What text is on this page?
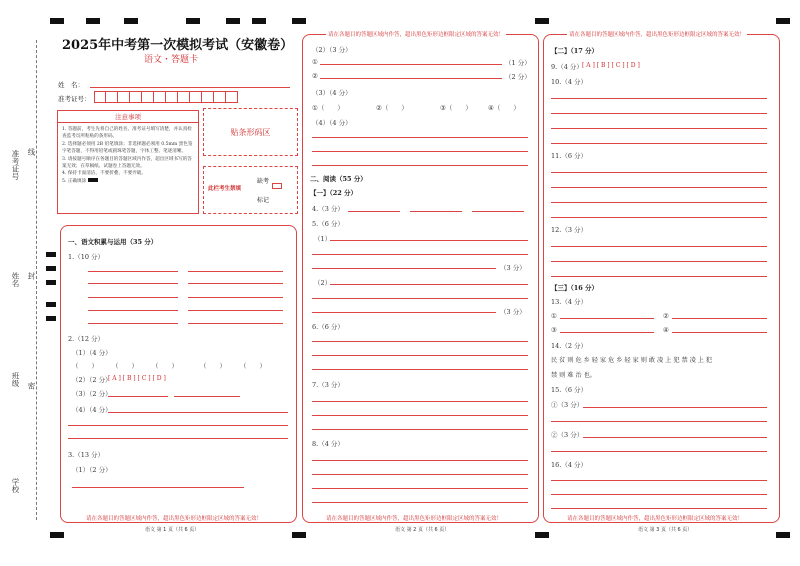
准考证号 线
姓名 封
班级 密
学校
2025年中考第一次模拟考试（安徽卷）
语文・答题卡
姓　名：
准考证号：
注意事项
1. 答题前，考生先将自己的姓名、准考证号填写清楚，并认真检查监考员所粘贴的条形码。
2. 选择题必须用 2B 铅笔填涂；非选择题必须用 0.5mm 黑色签字笔答题，不得用铅笔或圆珠笔答题，字体工整、笔迹清晰。
3. 请按题号顺序在各题目的答题区域内作答，超出区域书写的答案无效；在草稿纸、试题卷上答题无效。
4. 保持卡面清洁，不要折叠、不要弄破。
5. 正确填涂
贴条形码区
此栏考生禁填
缺考
标记
一、语文积累与运用（35 分）
1.（10 分）
2.（12 分）
（1）（4 分）
（　　） （　　） （　　）	（　　） （　　）
（2）（2 分）
[ A ] [ B ] [ C ] [ D ]
（3）（2 分）
（4）（4 分）
3.（13 分）
（1）（2 分）
请在各题目的答题区域内作答，超出黑色矩形边框限定区域的答案无效！
语文 第 1 页（共 6 页）
请在各题目的答题区域内作答，超出黑色矩形边框限定区域的答案无效！
（2）（3 分）
①	（1 分）
②	（2 分）
（3）（4 分）
①（　　）	②（　　）	③（　　） ④（　　）
（4）（4 分）
二、阅读（55 分）
【一】（22 分）
4.（3 分）
5.（6 分）
（1）
（3 分）
（2）
（3 分）
6.（6 分）
7.（3 分）
8.（4 分）
请在各题目的答题区域内作答，超出黑色矩形边框限定区域的答案无效！
语文 第 2 页（共 6 页）
请在各题目的答题区域内作答，超出黑色矩形边框限定区域的答案无效！
【二】（17 分）
9.（4 分） [ A ] [ B ] [ C ] [ D ]
10.（4 分）
11.（6 分）
12.（3 分）
【三】（16 分）
13.（4 分）
①	②
③	④
14.（2 分）
民 贫 则 危 乡 轻 家 危 乡 轻 家 则 敢 凌 上 犯 禁 凌 上 犯
禁 则 难 治 也。
15.（6 分）
①（3 分）
②（3 分）
16.（4 分）
请在各题目的答题区域内作答，超出黑色矩形边框限定区域的答案无效！
语文 第 3 页（共 6 页）
